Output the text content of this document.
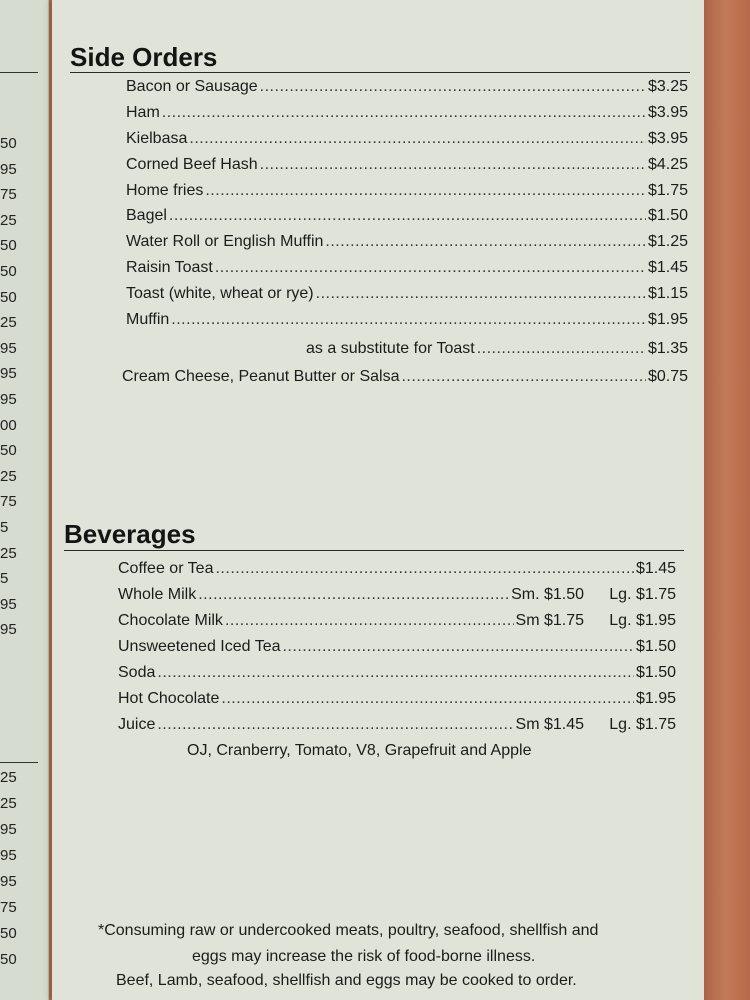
50
95
75
25
50
50
50
25
95
95
95
00
50
25
75
5
25
5
95
95
25
25
95
95
95
75
50
50
Side Orders
Bacon or Sausage .....	$3.25
Ham .....	$3.95
Kielbasa .....	$3.95
Corned Beef Hash .....	$4.25
Home fries .....	$1.75
Bagel .....	$1.50
Water Roll or English Muffin .....	$1.25
Raisin Toast .....	$1.45
Toast (white, wheat or rye) .....	$1.15
Muffin .....	$1.95
as a substitute for Toast .....	$1.35
Cream Cheese, Peanut Butter or Salsa .....	$0.75
Beverages
Coffee or Tea .....	$1.45
Whole Milk .....	Sm. $1.50	Lg. $1.75
Chocolate Milk .....	Sm $1.75	Lg. $1.95
Unsweetened Iced Tea .....	$1.50
Soda .....	$1.50
Hot Chocolate .....	$1.95
Juice .....	Sm $1.45	Lg. $1.75
OJ, Cranberry, Tomato, V8, Grapefruit and Apple
*Consuming raw or undercooked meats, poultry, seafood, shellfish and
eggs may increase the risk of food-borne illness.
Beef, Lamb, seafood, shellfish and eggs may be cooked to order.
